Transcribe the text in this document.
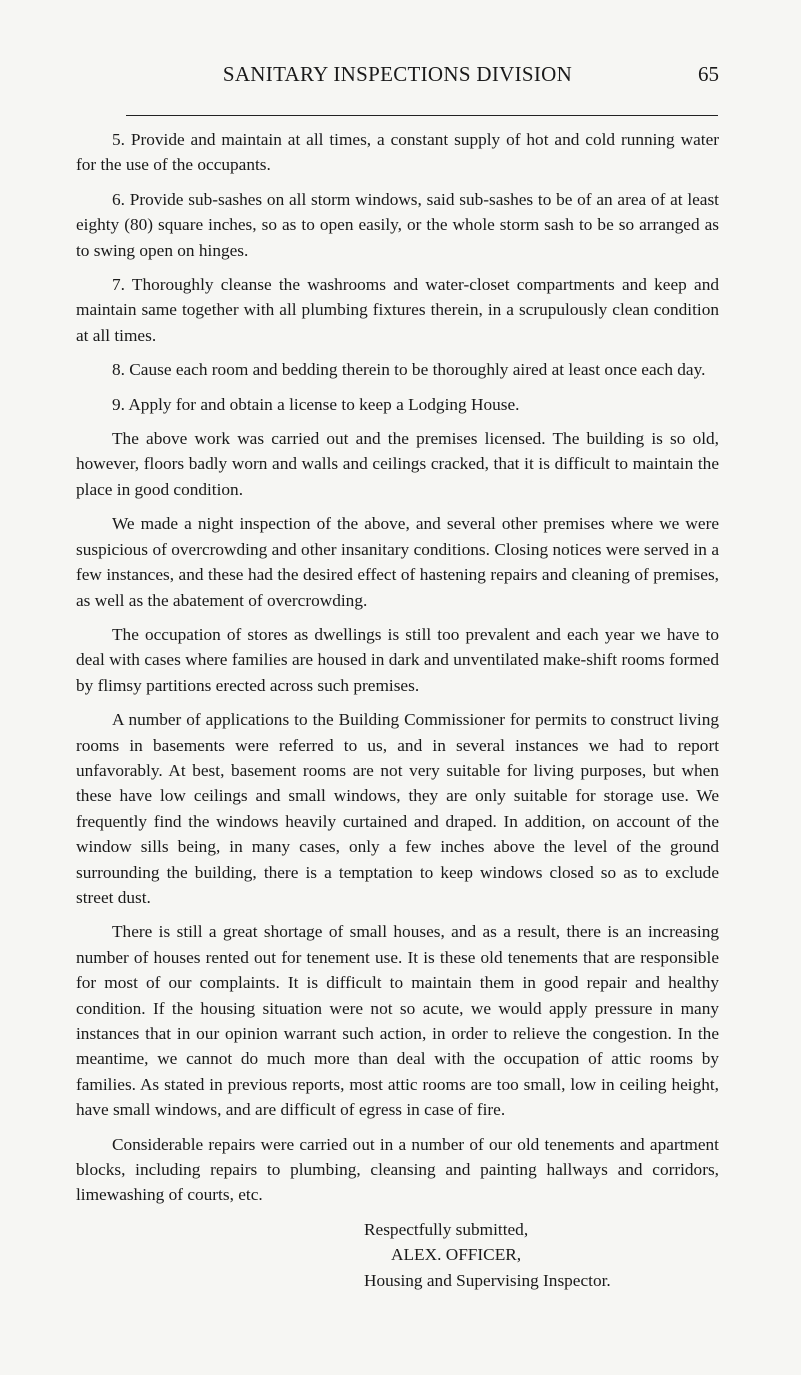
SANITARY INSPECTIONS DIVISION	65

5. Provide and maintain at all times, a constant supply of hot and cold running water for the use of the occupants.

6. Provide sub-sashes on all storm windows, said sub-sashes to be of an area of at least eighty (80) square inches, so as to open easily, or the whole storm sash to be so arranged as to swing open on hinges.

7. Thoroughly cleanse the washrooms and water-closet compartments and keep and maintain same together with all plumbing fixtures therein, in a scrupulously clean condition at all times.

8. Cause each room and bedding therein to be thoroughly aired at least once each day.

9. Apply for and obtain a license to keep a Lodging House.

The above work was carried out and the premises licensed. The building is so old, however, floors badly worn and walls and ceilings cracked, that it is difficult to maintain the place in good condition.

We made a night inspection of the above, and several other premises where we were suspicious of overcrowding and other insanitary conditions. Closing notices were served in a few instances, and these had the desired effect of hastening repairs and cleaning of premises, as well as the abatement of overcrowding.

The occupation of stores as dwellings is still too prevalent and each year we have to deal with cases where families are housed in dark and unventilated make-shift rooms formed by flimsy partitions erected across such premises.

A number of applications to the Building Commissioner for permits to construct living rooms in basements were referred to us, and in several instances we had to report unfavorably. At best, basement rooms are not very suitable for living purposes, but when these have low ceilings and small windows, they are only suitable for storage use. We frequently find the windows heavily curtained and draped. In addition, on account of the window sills being, in many cases, only a few inches above the level of the ground surrounding the building, there is a temptation to keep windows closed so as to exclude street dust.

There is still a great shortage of small houses, and as a result, there is an increasing number of houses rented out for tenement use. It is these old tenements that are responsible for most of our complaints. It is difficult to maintain them in good repair and healthy condition. If the housing situation were not so acute, we would apply pressure in many instances that in our opinion warrant such action, in order to relieve the congestion. In the meantime, we cannot do much more than deal with the occupation of attic rooms by families. As stated in previous reports, most attic rooms are too small, low in ceiling height, have small windows, and are difficult of egress in case of fire.

Considerable repairs were carried out in a number of our old tenements and apartment blocks, including repairs to plumbing, cleansing and painting hallways and corridors, limewashing of courts, etc.

Respectfully submitted,
ALEX. OFFICER,
Housing and Supervising Inspector.
